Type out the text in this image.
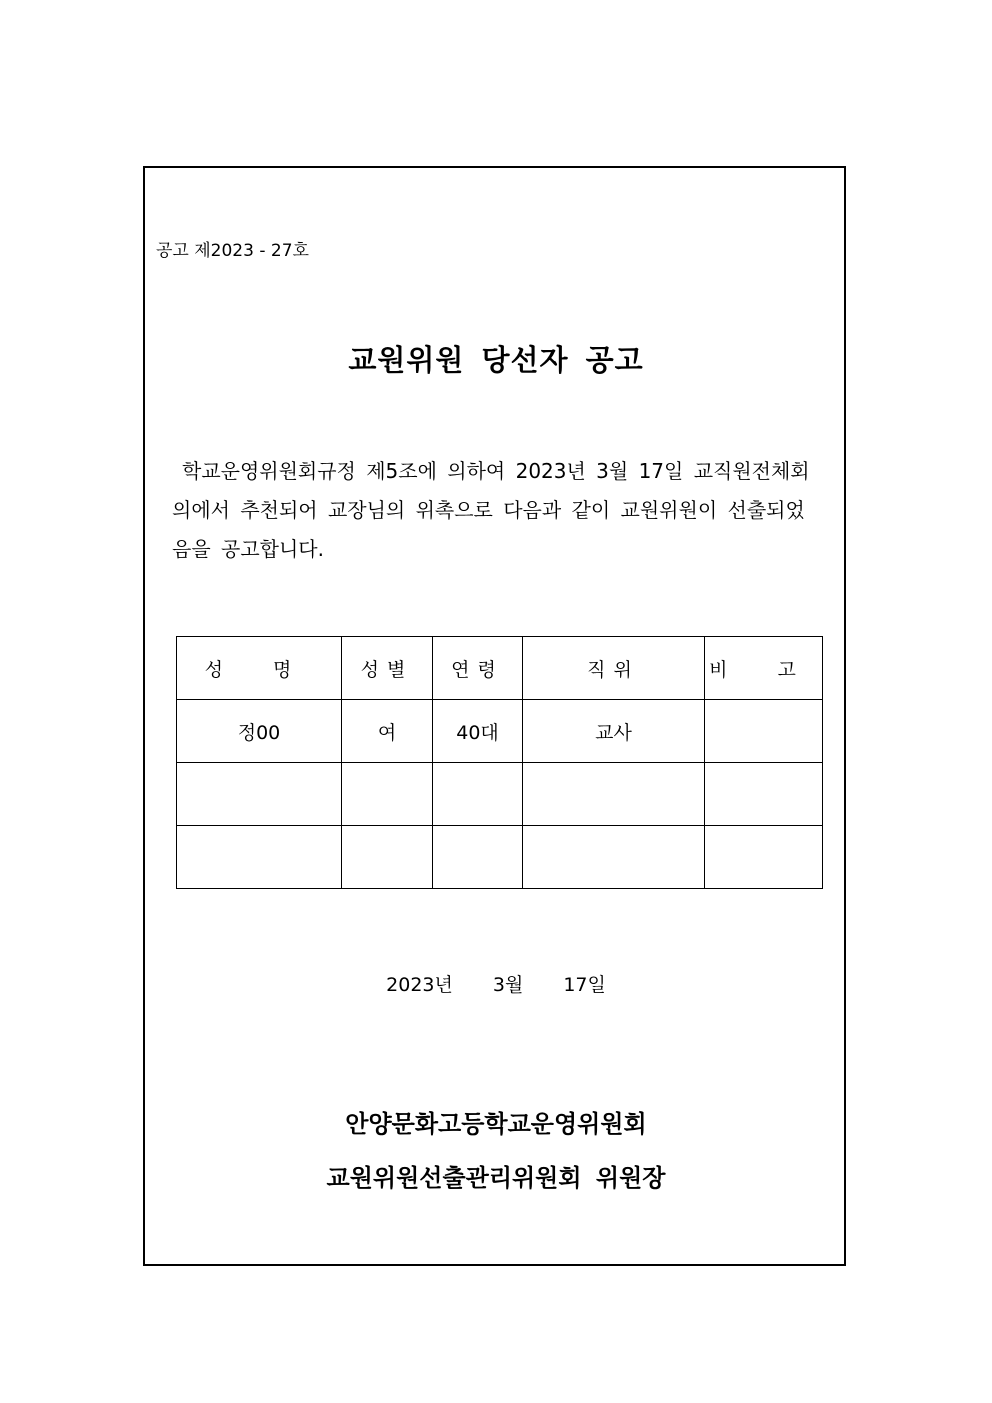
공고 제2023 - 27호
교원위원 당선자 공고
학교운영위원회규정 제5조에 의하여 2023년 3월 17일 교직원전체회
의에서 추천되어 교장님의 위촉으로 다음과 같이 교원위원이 선출되었
음을 공고합니다.
성 명	성별	연령	직위	비 고
정00	여	40대	교사	

2023년 3월 17일
안양문화고등학교운영위원회
교원위원선출관리위원회 위원장
